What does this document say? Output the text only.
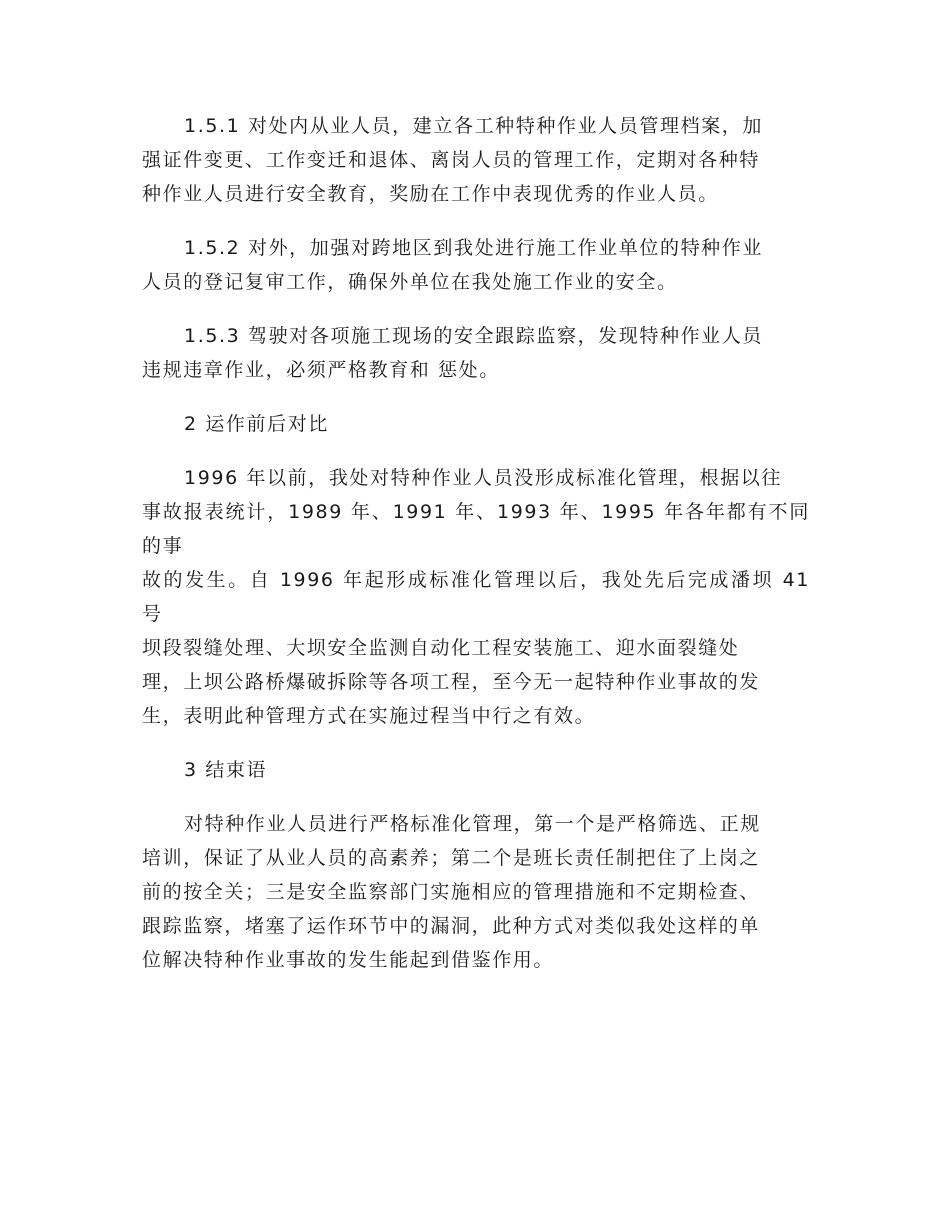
1.5.1 对处内从业人员，建立各工种特种作业人员管理档案，加
强证件变更、工作变迁和退体、离岗人员的管理工作，定期对各种特
种作业人员进行安全教育，奖励在工作中表现优秀的作业人员。

1.5.2 对外，加强对跨地区到我处进行施工作业单位的特种作业
人员的登记复审工作，确保外单位在我处施工作业的安全。

1.5.3 驾驶对各项施工现场的安全跟踪监察，发现特种作业人员
违规违章作业，必须严格教育和 惩处。

2 运作前后对比

1996 年以前，我处对特种作业人员没形成标准化管理，根据以往
事故报表统计，1989 年、1991 年、1993 年、1995 年各年都有不同的事
故的发生。自 1996 年起形成标准化管理以后，我处先后完成潘坝 41 号
坝段裂缝处理、大坝安全监测自动化工程安装施工、迎水面裂缝处
理，上坝公路桥爆破拆除等各项工程，至今无一起特种作业事故的发
生，表明此种管理方式在实施过程当中行之有效。

3 结束语

对特种作业人员进行严格标准化管理，第一个是严格筛选、正规
培训，保证了从业人员的高素养；第二个是班长责任制把住了上岗之
前的按全关；三是安全监察部门实施相应的管理措施和不定期检查、
跟踪监察，堵塞了运作环节中的漏洞，此种方式对类似我处这样的单
位解决特种作业事故的发生能起到借鉴作用。
